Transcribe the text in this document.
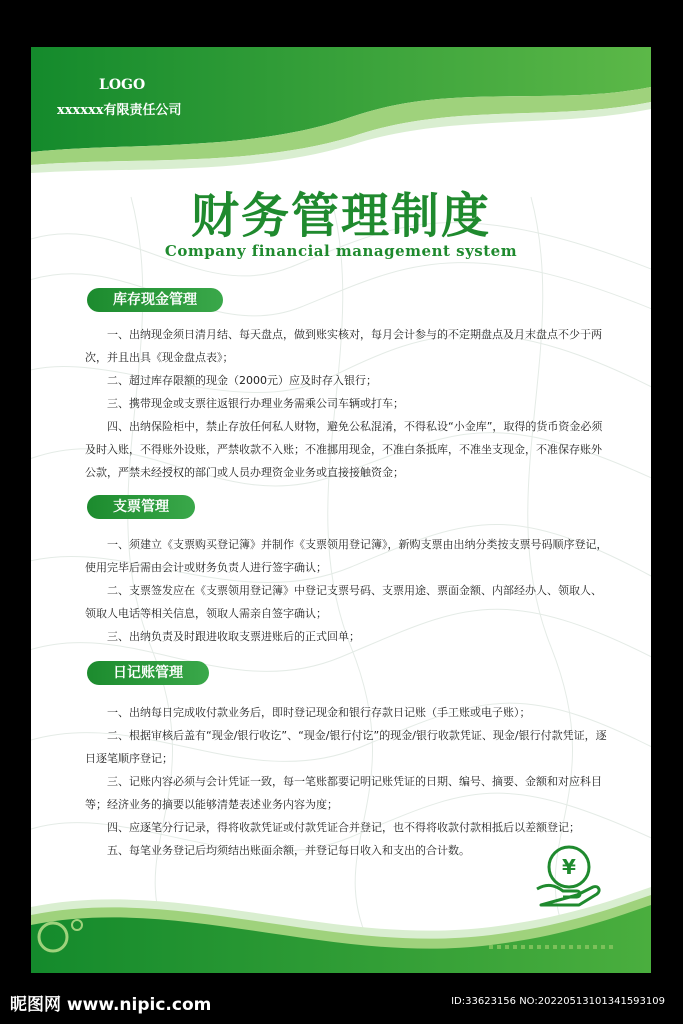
LOGO
xxxxxx有限责任公司
财务管理制度
Company financial management system
库存现金管理

一、出纳现金须日清月结、每天盘点，做到账实核对，每月会计参与的不定期盘点及月末盘点不少于两次，并且出具《现金盘点表》；

二、超过库存限额的现金（2000元）应及时存入银行；

三、携带现金或支票往返银行办理业务需乘公司车辆或打车；

四、出纳保险柜中，禁止存放任何私人财物，避免公私混淆，不得私设“小金库”，取得的货币资金必须及时入账，不得账外设账，严禁收款不入账；不准挪用现金，不准白条抵库，不准坐支现金，不准保存账外公款，严禁未经授权的部门或人员办理资金业务或直接接触资金；

支票管理

一、须建立《支票购买登记簿》并制作《支票领用登记簿》，新购支票由出纳分类按支票号码顺序登记，使用完毕后需由会计或财务负责人进行签字确认；

二、支票签发应在《支票领用登记簿》中登记支票号码、支票用途、票面金额、内部经办人、领取人、领取人电话等相关信息，领取人需亲自签字确认；

三、出纳负责及时跟进收取支票进账后的正式回单；

日记账管理

一、出纳每日完成收付款业务后，即时登记现金和银行存款日记账（手工账或电子账）；

二、根据审核后盖有“现金/银行收讫”、“现金/银行付讫”的现金/银行收款凭证、现金/银行付款凭证，逐日逐笔顺序登记；

三、记账内容必须与会计凭证一致，每一笔账都要记明记账凭证的日期、编号、摘要、金额和对应科目等；经济业务的摘要以能够清楚表述业务内容为度；

四、应逐笔分行记录，得将收款凭证或付款凭证合并登记，也不得将收款付款相抵后以差额登记；

五、每笔业务登记后均须结出账面余额，并登记每日收入和支出的合计数。

¥
昵图网 www.nipic.com	ID:33623156 NO:20220513101341593109
